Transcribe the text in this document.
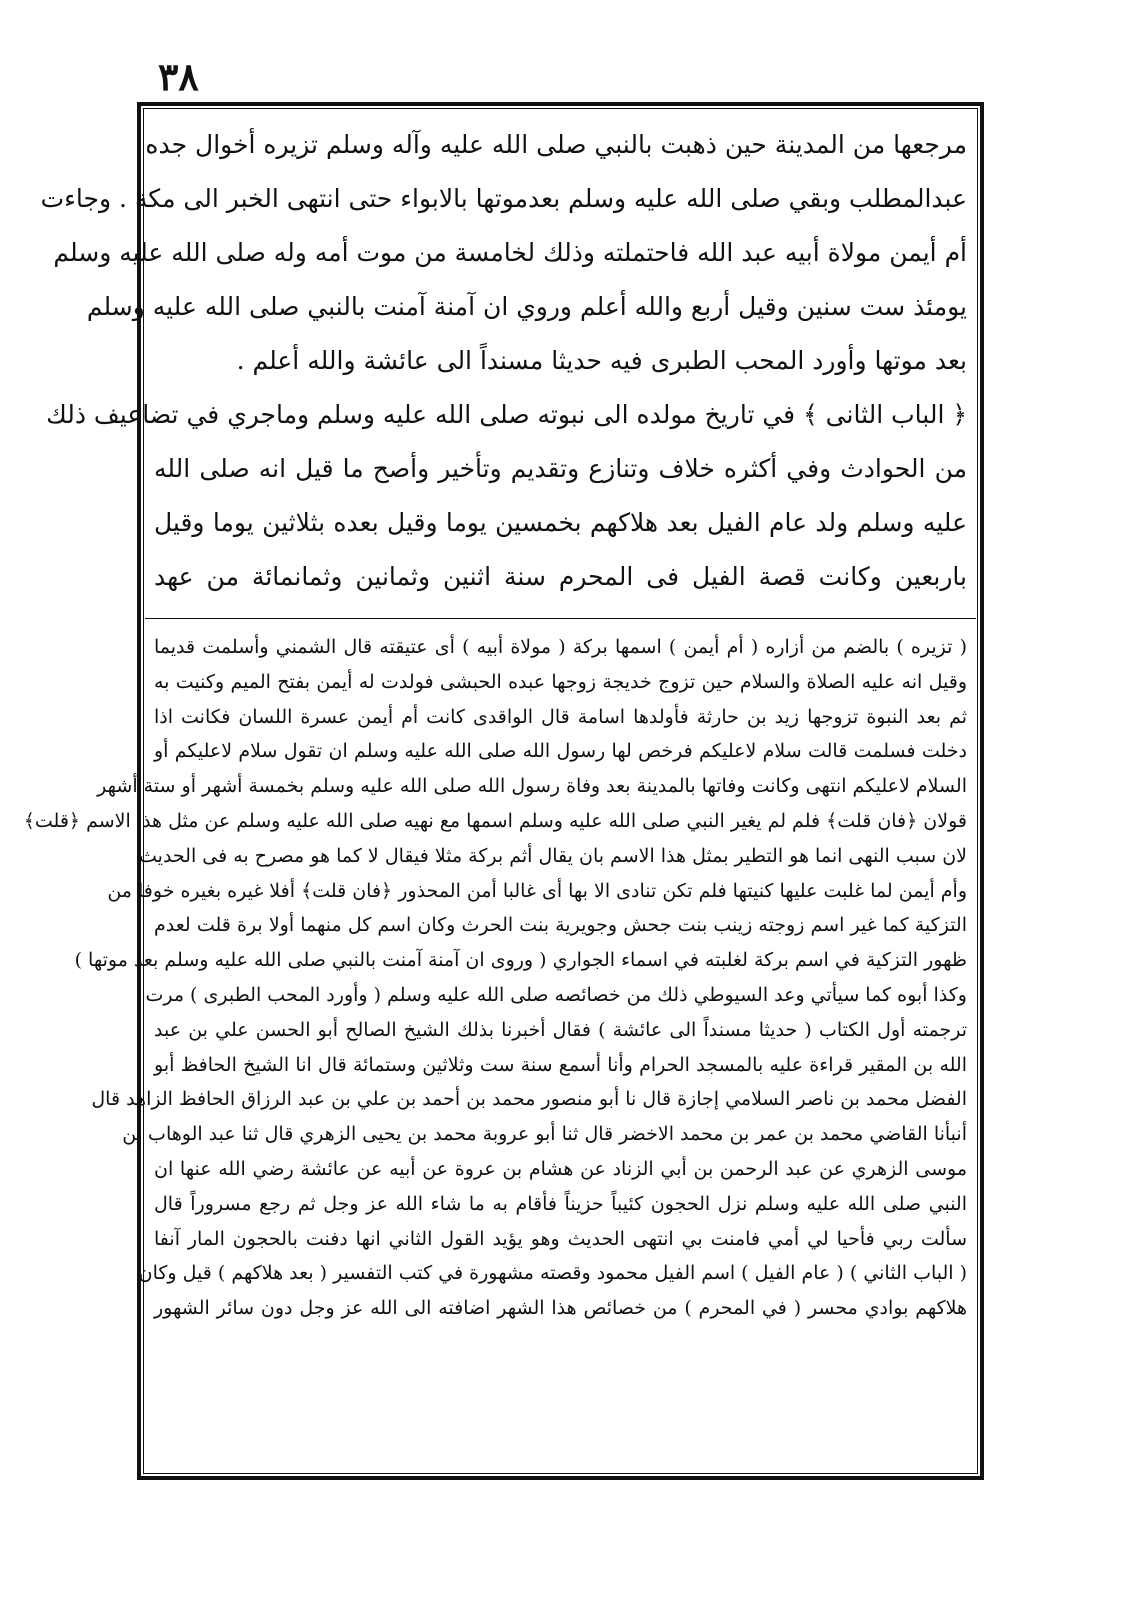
٣٨
مرجعها من المدينة حين ذهبت بالنبي صلى الله عليه وآله وسلم تزيره أخوال جده
عبدالمطلب وبقي صلى الله عليه وسلم بعدموتها بالابواء حتى انتهى الخبر الى مكة . وجاءت
أم أيمن مولاة أبيه عبد الله فاحتملته وذلك لخامسة من موت أمه وله صلى الله عليه وسلم
يومئذ ست سنين وقيل أربع والله أعلم وروي ان آمنة آمنت بالنبي صلى الله عليه وسلم
بعد موتها وأورد المحب الطبرى فيه حديثا مسنداً الى عائشة والله أعلم .
﴿ الباب الثانى ﴾ في تاريخ مولده الى نبوته صلى الله عليه وسلم وماجري في تضاعيف ذلك
من الحوادث وفي أكثره خلاف وتنازع وتقديم وتأخير وأصح ما قيل انه صلى الله
عليه وسلم ولد عام الفيل بعد هلاكهم بخمسين يوما وقيل بعده بثلاثين يوما وقيل
باربعين وكانت قصة الفيل فى المحرم سنة اثنين وثمانين وثمانمائة من عهد
( تزيره ) بالضم من أزاره ( أم أيمن ) اسمها بركة ( مولاة أبيه ) أى عتيقته قال الشمني وأسلمت قديما
وقيل انه عليه الصلاة والسلام حين تزوج خديجة زوجها عبده الحبشى فولدت له أيمن بفتح الميم وكنيت به
ثم بعد النبوة تزوجها زيد بن حارثة فأولدها اسامة قال الواقدى كانت أم أيمن عسرة اللسان فكانت اذا
دخلت فسلمت قالت سلام لاعليكم فرخص لها رسول الله صلى الله عليه وسلم ان تقول سلام لاعليكم أو
السلام لاعليكم انتهى وكانت وفاتها بالمدينة بعد وفاة رسول الله صلى الله عليه وسلم بخمسة أشهر أو ستة أشهر
قولان ﴿فان قلت﴾ فلم لم يغير النبي صلى الله عليه وسلم اسمها مع نهيه صلى الله عليه وسلم عن مثل هذا الاسم ﴿قلت﴾
لان سبب النهى انما هو التطير بمثل هذا الاسم بان يقال أثم بركة مثلا فيقال لا كما هو مصرح به فى الحديث
وأم أيمن لما غلبت عليها كنيتها فلم تكن تنادى الا بها أى غالبا أمن المحذور ﴿فان قلت﴾ أفلا غيره بغيره خوفا من
التزكية كما غير اسم زوجته زينب بنت جحش وجويرية بنت الحرث وكان اسم كل منهما أولا برة قلت لعدم
ظهور التزكية في اسم بركة لغلبته في اسماء الجواري ( وروى ان آمنة آمنت بالنبي صلى الله عليه وسلم بعد موتها )
وكذا أبوه كما سيأتي وعد السيوطي ذلك من خصائصه صلى الله عليه وسلم ( وأورد المحب الطبرى ) مرت
ترجمته أول الكتاب ( حديثا مسنداً الى عائشة ) فقال أخبرنا بذلك الشيخ الصالح أبو الحسن علي بن عبد
الله بن المقير قراءة عليه بالمسجد الحرام وأنا أسمع سنة ست وثلاثين وستمائة قال انا الشيخ الحافظ أبو
الفضل محمد بن ناصر السلامي إجازة قال نا أبو منصور محمد بن أحمد بن علي بن عبد الرزاق الحافظ الزاهد قال
أنبأنا القاضي محمد بن عمر بن محمد الاخضر قال ثنا أبو عروبة محمد بن يحيى الزهري قال ثنا عبد الوهاب بن
موسى الزهري عن عبد الرحمن بن أبي الزناد عن هشام بن عروة عن أبيه عن عائشة رضي الله عنها ان
النبي صلى الله عليه وسلم نزل الحجون كئيباً حزيناً فأقام به ما شاء الله عز وجل ثم رجع مسروراً قال
سألت ربي فأحيا لي أمي فامنت بي انتهى الحديث وهو يؤيد القول الثاني انها دفنت بالحجون المار آنفا
( الباب الثاني ) ( عام الفيل ) اسم الفيل محمود وقصته مشهورة في كتب التفسير ( بعد هلاكهم ) قيل وكان
هلاكهم بوادي محسر ( في المحرم ) من خصائص هذا الشهر اضافته الى الله عز وجل دون سائر الشهور
